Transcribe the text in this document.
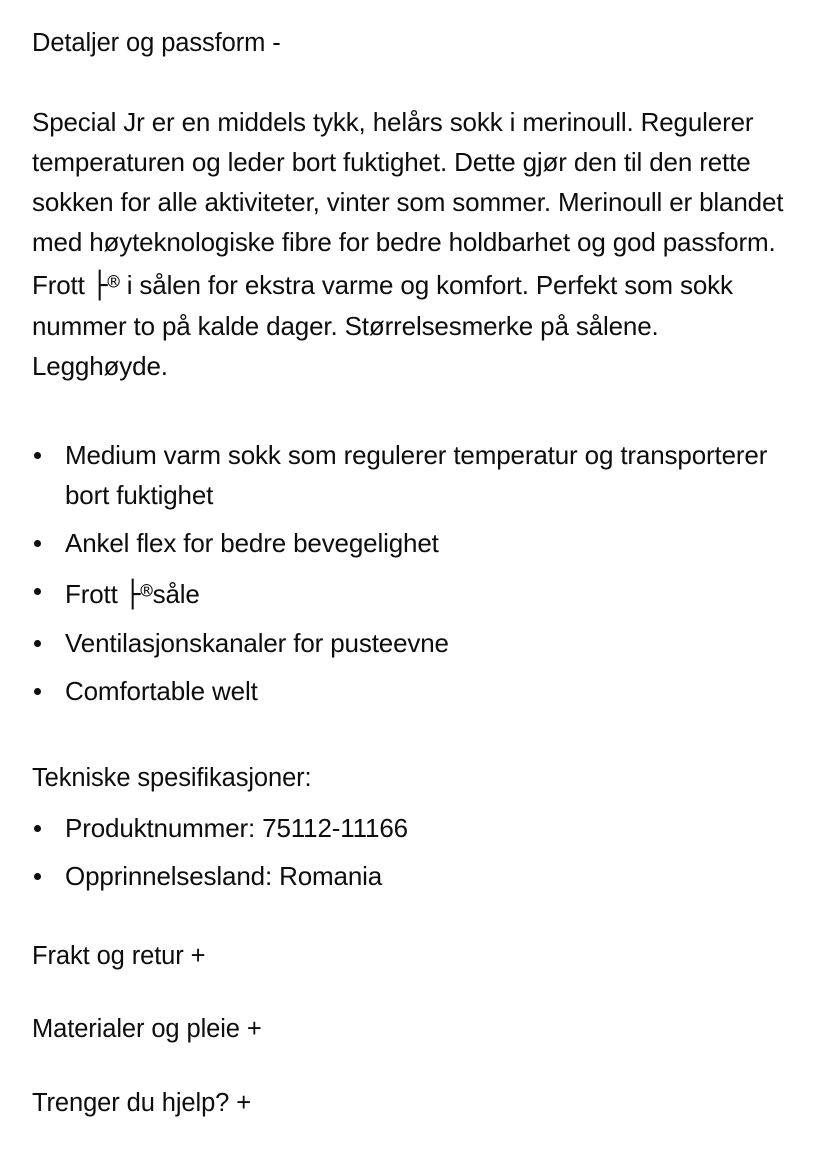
Detaljer og passform -

Special Jr er en middels tykk, helårs sokk i merinoull. Regulerer temperaturen og leder bort fuktighet. Dette gjør den til den rette sokken for alle aktiviteter, vinter som sommer. Merinoull er blandet med høyteknologiske fibre for bedre holdbarhet og god passform. Frott ├® i sålen for ekstra varme og komfort. Perfekt som sokk nummer to på kalde dager. Størrelsesmerke på sålene. Legghøyde.

Medium varm sokk som regulerer temperatur og transporterer bort fuktighet
Ankel flex for bedre bevegelighet
Frott ├®såle
Ventilasjonskanaler for pusteevne
Comfortable welt

Tekniske spesifikasjoner:

Produktnummer: 75112-11166
Opprinnelsesland: Romania
Frakt og retur +
Materialer og pleie +
Trenger du hjelp? +
